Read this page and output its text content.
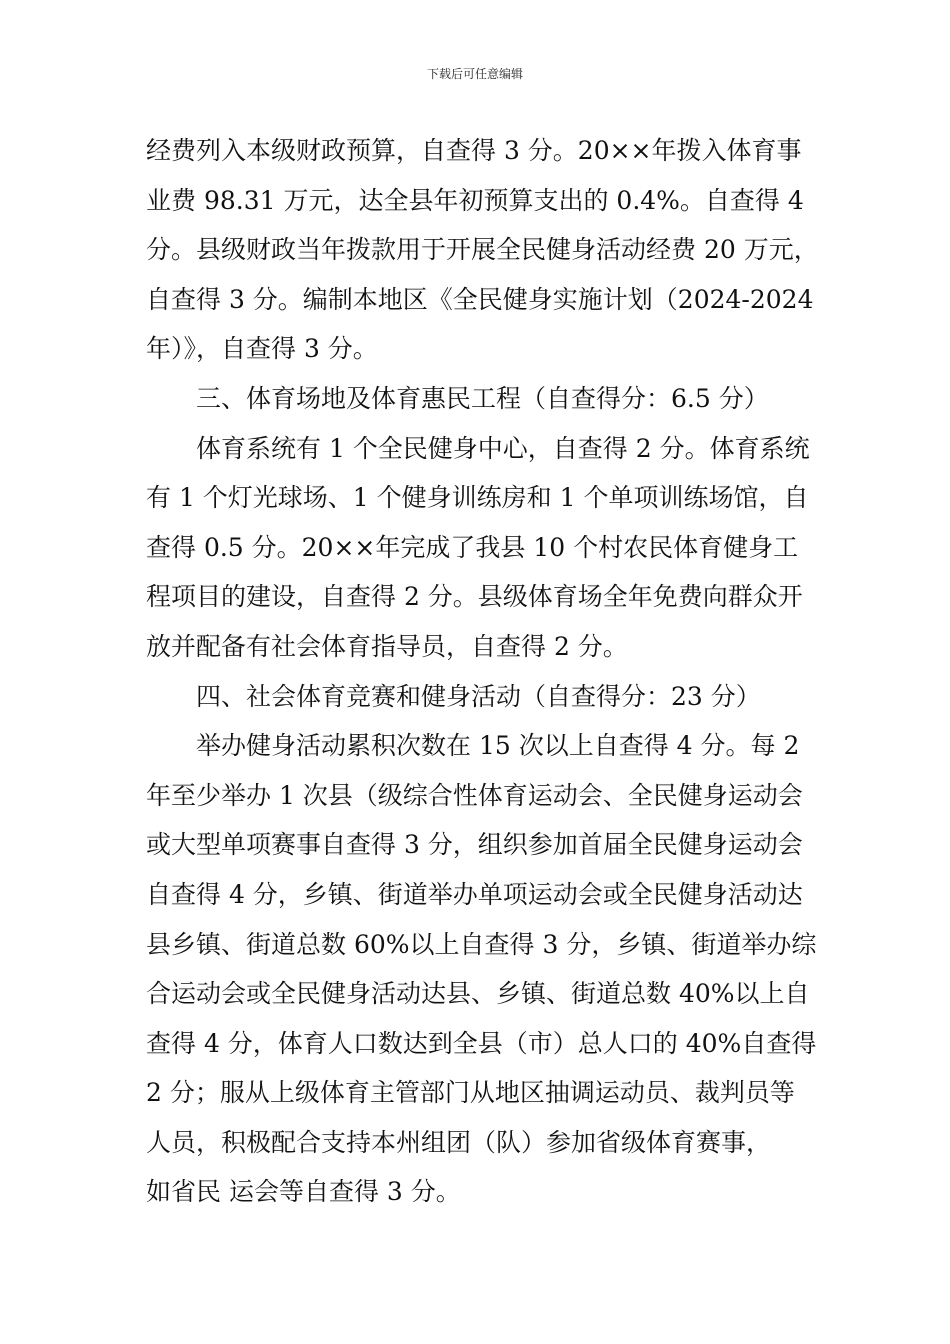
下载后可任意编辑
经费列入本级财政预算，自查得 3 分。20××年拨入体育事
业费 98.31 万元，达全县年初预算支出的 0.4%。自查得 4
分。县级财政当年拨款用于开展全民健身活动经费 20 万元，
自查得 3 分。编制本地区《全民健身实施计划（2024-2024
年）》，自查得 3 分。
三、体育场地及体育惠民工程（自查得分：6.5 分）
体育系统有 1 个全民健身中心，自查得 2 分。体育系统
有 1 个灯光球场、1 个健身训练房和 1 个单项训练场馆，自
查得 0.5 分。20××年完成了我县 10 个村农民体育健身工
程项目的建设，自查得 2 分。县级体育场全年免费向群众开
放并配备有社会体育指导员，自查得 2 分。
四、社会体育竞赛和健身活动（自查得分：23 分）
举办健身活动累积次数在 15 次以上自查得 4 分。每 2
年至少举办 1 次县（级综合性体育运动会、全民健身运动会
或大型单项赛事自查得 3 分，组织参加首届全民健身运动会
自查得 4 分，乡镇、街道举办单项运动会或全民健身活动达
县乡镇、街道总数 60%以上自查得 3 分，乡镇、街道举办综
合运动会或全民健身活动达县、乡镇、街道总数 40%以上自
查得 4 分，体育人口数达到全县（市）总人口的 40%自查得
2 分；服从上级体育主管部门从地区抽调运动员、裁判员等
人员，积极配合支持本州组团（队）参加省级体育赛事，
如省民 运会等自查得 3 分。
